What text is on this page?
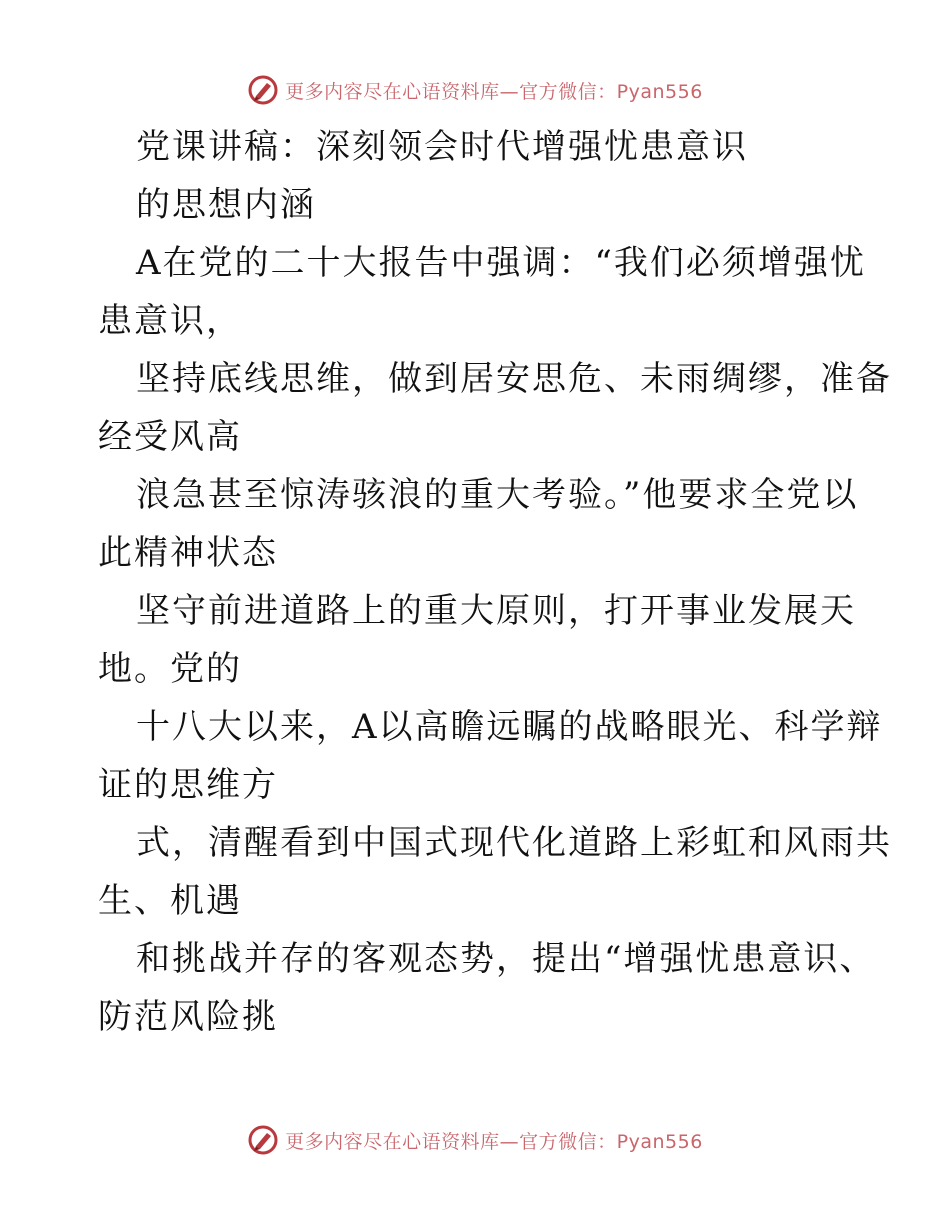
更多内容尽在心语资料库—官方微信：Pyan556
党课讲稿：深刻领会时代增强忧患意识
的思想内涵
A在党的二十大报告中强调：“我们必须增强忧
患意识，
坚持底线思维，做到居安思危、未雨绸缪，准备
经受风高
浪急甚至惊涛骇浪的重大考验。”他要求全党以
此精神状态
坚守前进道路上的重大原则，打开事业发展天
地。党的
十八大以来，A以高瞻远瞩的战略眼光、科学辩
证的思维方
式，清醒看到中国式现代化道路上彩虹和风雨共
生、机遇
和挑战并存的客观态势，提出“增强忧患意识、
防范风险挑
更多内容尽在心语资料库—官方微信：Pyan556
